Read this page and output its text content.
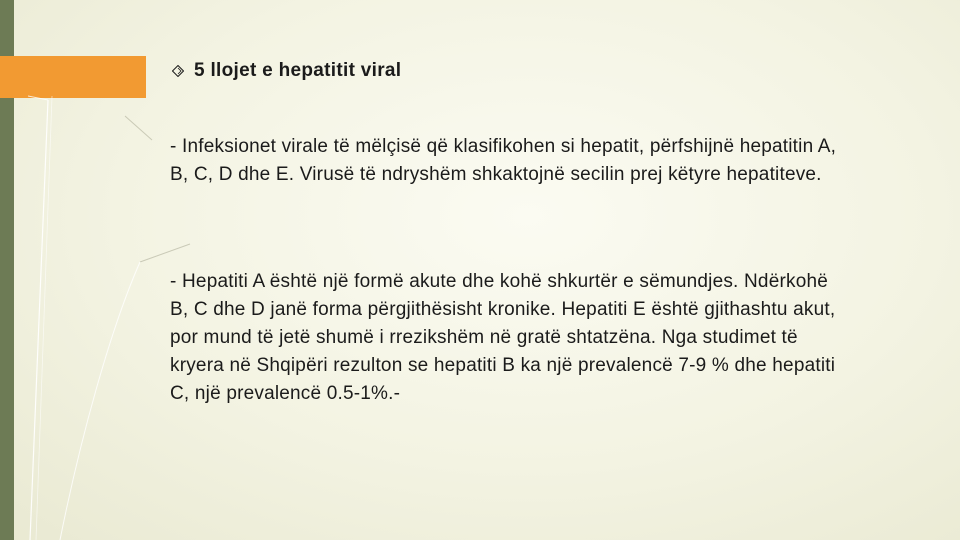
5 llojet e hepatitit viral
- Infeksionet virale të mëlçisë që klasifikohen si hepatit, përfshijnë hepatitin A, B, C, D dhe E. Virusë të ndryshëm shkaktojnë secilin prej këtyre hepatiteve.
- Hepatiti A është një formë akute dhe kohë shkurtër e sëmundjes. Ndërkohë B, C dhe D janë forma përgjithësisht kronike. Hepatiti E është gjithashtu akut, por mund të jetë shumë i rrezikshëm në gratë shtatzëna. Nga studimet të kryera në Shqipëri rezulton se hepatiti B ka një prevalencë 7-9 % dhe hepatiti C, një prevalencë 0.5-1%.-
